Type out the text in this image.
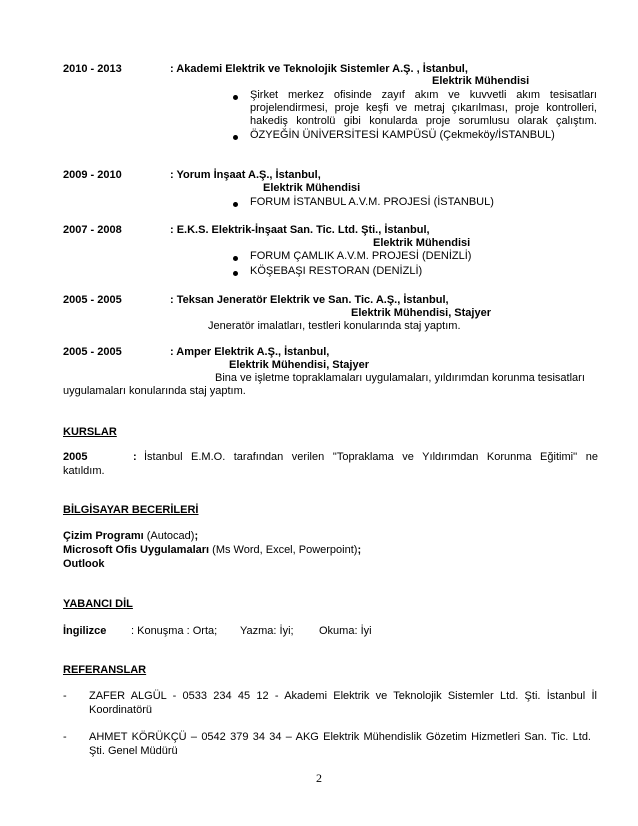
2010 - 2013	: Akademi Elektrik ve Teknolojik Sistemler A.Ş. , İstanbul,
Elektrik Mühendisi
Şirket merkez ofisinde zayıf akım ve kuvvetli akım tesisatları projelendirmesi, proje keşfi ve metraj çıkarılması, proje kontrolleri, hakediş kontrolü gibi konularda proje sorumlusu olarak çalıştım.
ÖZYEĞİN ÜNİVERSİTESİ KAMPÜSÜ (Çekmeköy/İSTANBUL)
2009 - 2010	: Yorum İnşaat A.Ş., İstanbul,
Elektrik Mühendisi
FORUM İSTANBUL A.V.M. PROJESİ (İSTANBUL)
2007 - 2008	: E.K.S. Elektrik-İnşaat San. Tic. Ltd. Şti., İstanbul,
Elektrik Mühendisi
FORUM ÇAMLIK A.V.M. PROJESİ (DENİZLİ)
KÖŞEBAŞI RESTORAN (DENİZLİ)
2005 - 2005	: Teksan Jeneratör Elektrik ve San. Tic. A.Ş., İstanbul,
Elektrik Mühendisi, Stajyer
Jeneratör imalatları, testleri konularında staj yaptım.
2005 - 2005	: Amper Elektrik A.Ş., İstanbul,
Elektrik Mühendisi, Stajyer
Bina ve işletme topraklamaları uygulamaları, yıldırımdan korunma tesisatları
uygulamaları konularında staj yaptım.
KURSLAR
2005	: İstanbul E.M.O. tarafından verilen ''Topraklama ve Yıldırımdan Korunma Eğitimi'' ne
katıldım.
BİLGİSAYAR BECERİLERİ
Çizim Programı (Autocad);
Microsoft Ofis Uygulamaları (Ms Word, Excel, Powerpoint);
Outlook
YABANCI DİL
İngilizce : Konuşma : Orta; Yazma: İyi; Okuma: İyi
REFERANSLAR
- ZAFER ALGÜL - 0533 234 45 12 - Akademi Elektrik ve Teknolojik Sistemler Ltd. Şti. İstanbul İl
Koordinatörü
- AHMET KÖRÜKÇÜ – 0542 379 34 34 – AKG Elektrik Mühendislik Gözetim Hizmetleri San. Tic. Ltd.
Şti. Genel Müdürü
2
